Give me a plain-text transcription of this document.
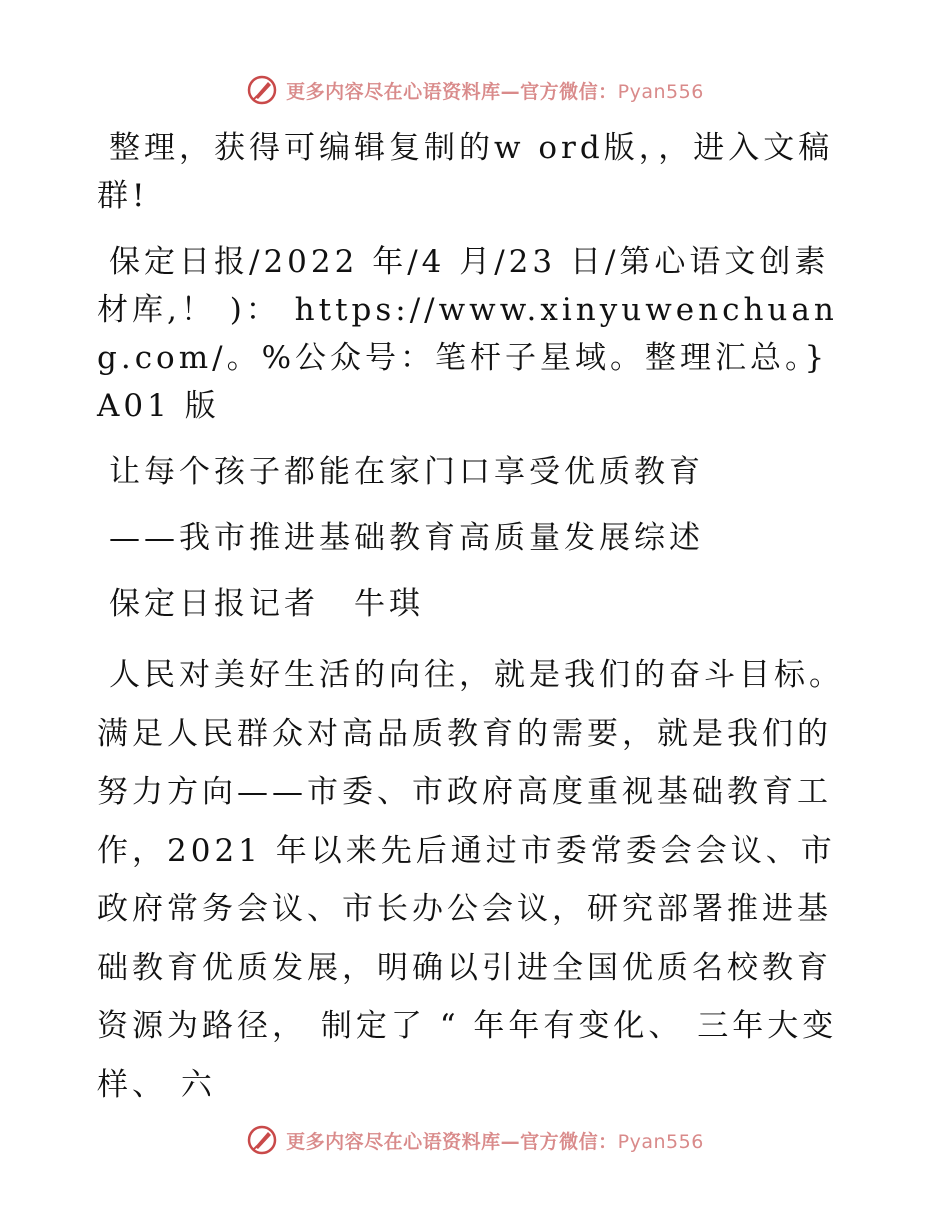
更多内容尽在心语资料库—官方微信：Pyan556

整理，获得可编辑复制的w ord版，，进入文稿群!

保定日报/2022 年/4 月/23 日/第心语文创素材库,！ )： https://www.xinyuwenchuang.com/。%公众号：笔杆子星域。整理汇总。} A01 版

让每个孩子都能在家门口享受优质教育

——我市推进基础教育高质量发展综述

保定日报记者　牛琪

人民对美好生活的向往，就是我们的奋斗目标。满足人民群众对高品质教育的需要，就是我们的努力方向——市委、市政府高度重视基础教育工作，2021 年以来先后通过市委常委会会议、市政府常务会议、市长办公会议，研究部署推进基础教育优质发展，明确以引进全国优质名校教育资源为路径， 制定了 “ 年年有变化、 三年大变样、 六

更多内容尽在心语资料库—官方微信：Pyan556
